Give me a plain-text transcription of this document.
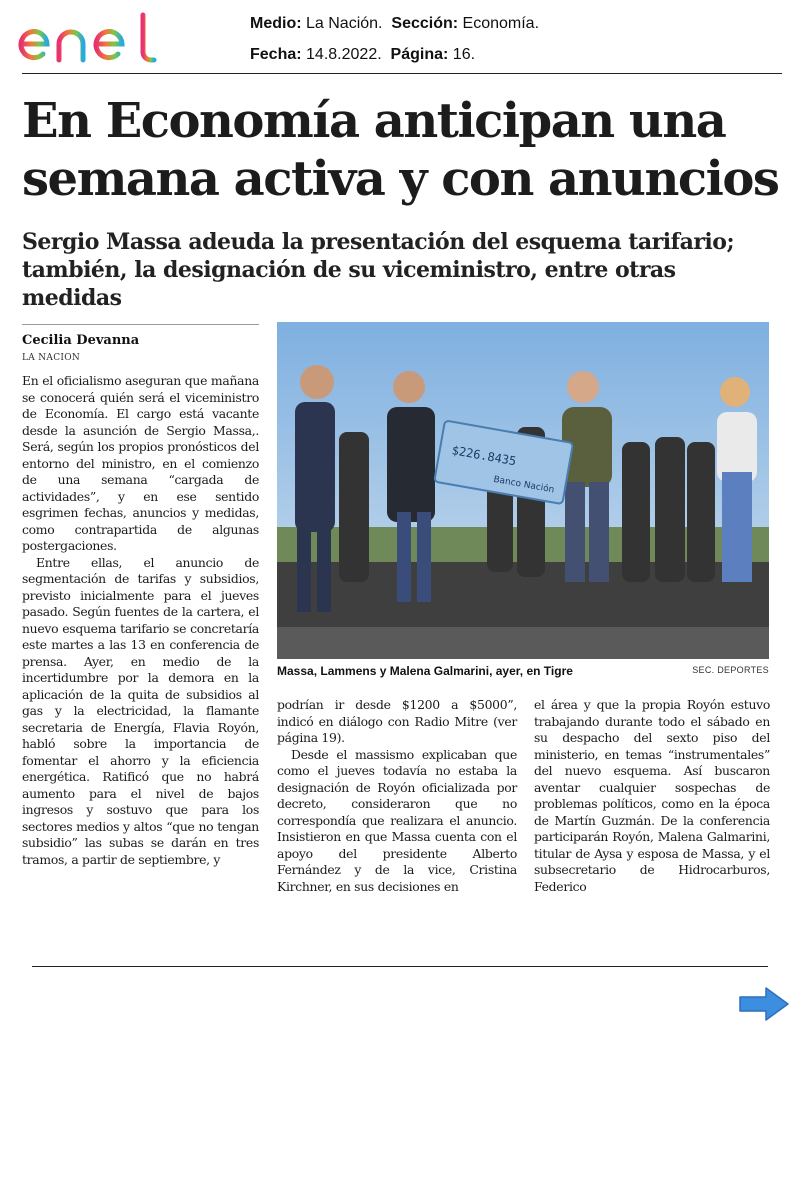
Medio: La Nación. Sección: Economía.
Fecha: 14.8.2022. Página: 16.
En Economía anticipan una semana activa y con anuncios
Sergio Massa adeuda la presentación del esquema tarifario; también, la designación de su viceministro, entre otras medidas
Cecilia Devanna
LA NACION

En el oficialismo aseguran que mañana se conocerá quién será el viceministro de Economía. El cargo está vacante desde la asunción de Sergio Massa,. Será, según los propios pronósticos del entorno del ministro, en el comienzo de una semana “cargada de actividades”, y en ese sentido esgrimen fechas, anuncios y medidas, como contrapartida de algunas postergaciones.

Entre ellas, el anuncio de segmentación de tarifas y subsidios, previsto inicialmente para el jueves pasado. Según fuentes de la cartera, el nuevo esquema tarifario se concretaría este martes a las 13 en conferencia de prensa. Ayer, en medio de la incertidumbre por la demora en la aplicación de la quita de subsidios al gas y la electricidad, la flamante secretaria de Energía, Flavia Royón, habló sobre la importancia de fomentar el ahorro y la eficiencia energética. Ratificó que no habrá aumento para el nivel de bajos ingresos y sostuvo que para los sectores medios y altos “que no tengan subsidio” las subas se darán en tres tramos, a partir de septiembre, y

$226.8435
Banco Nación
Massa, Lammens y Malena Galmarini, ayer, en Tigre	SEC. DEPORTES

podrían ir desde $1200 a $5000”, indicó en diálogo con Radio Mitre (ver página 19).

Desde el massismo explicaban que como el jueves todavía no estaba la designación de Royón oficializada por decreto, consideraron que no correspondía que realizara el anuncio. Insistieron en que Massa cuenta con el apoyo del presidente Alberto Fernández y de la vice, Cristina Kirchner, en sus decisiones en

el área y que la propia Royón estuvo trabajando durante todo el sábado en su despacho del sexto piso del ministerio, en temas “instrumentales” del nuevo esquema. Así buscaron aventar cualquier sospechas de problemas políticos, como en la época de Martín Guzmán. De la conferencia participarán Royón, Malena Galmarini, titular de Aysa y esposa de Massa, y el subsecretario de Hidrocarburos, Federico
